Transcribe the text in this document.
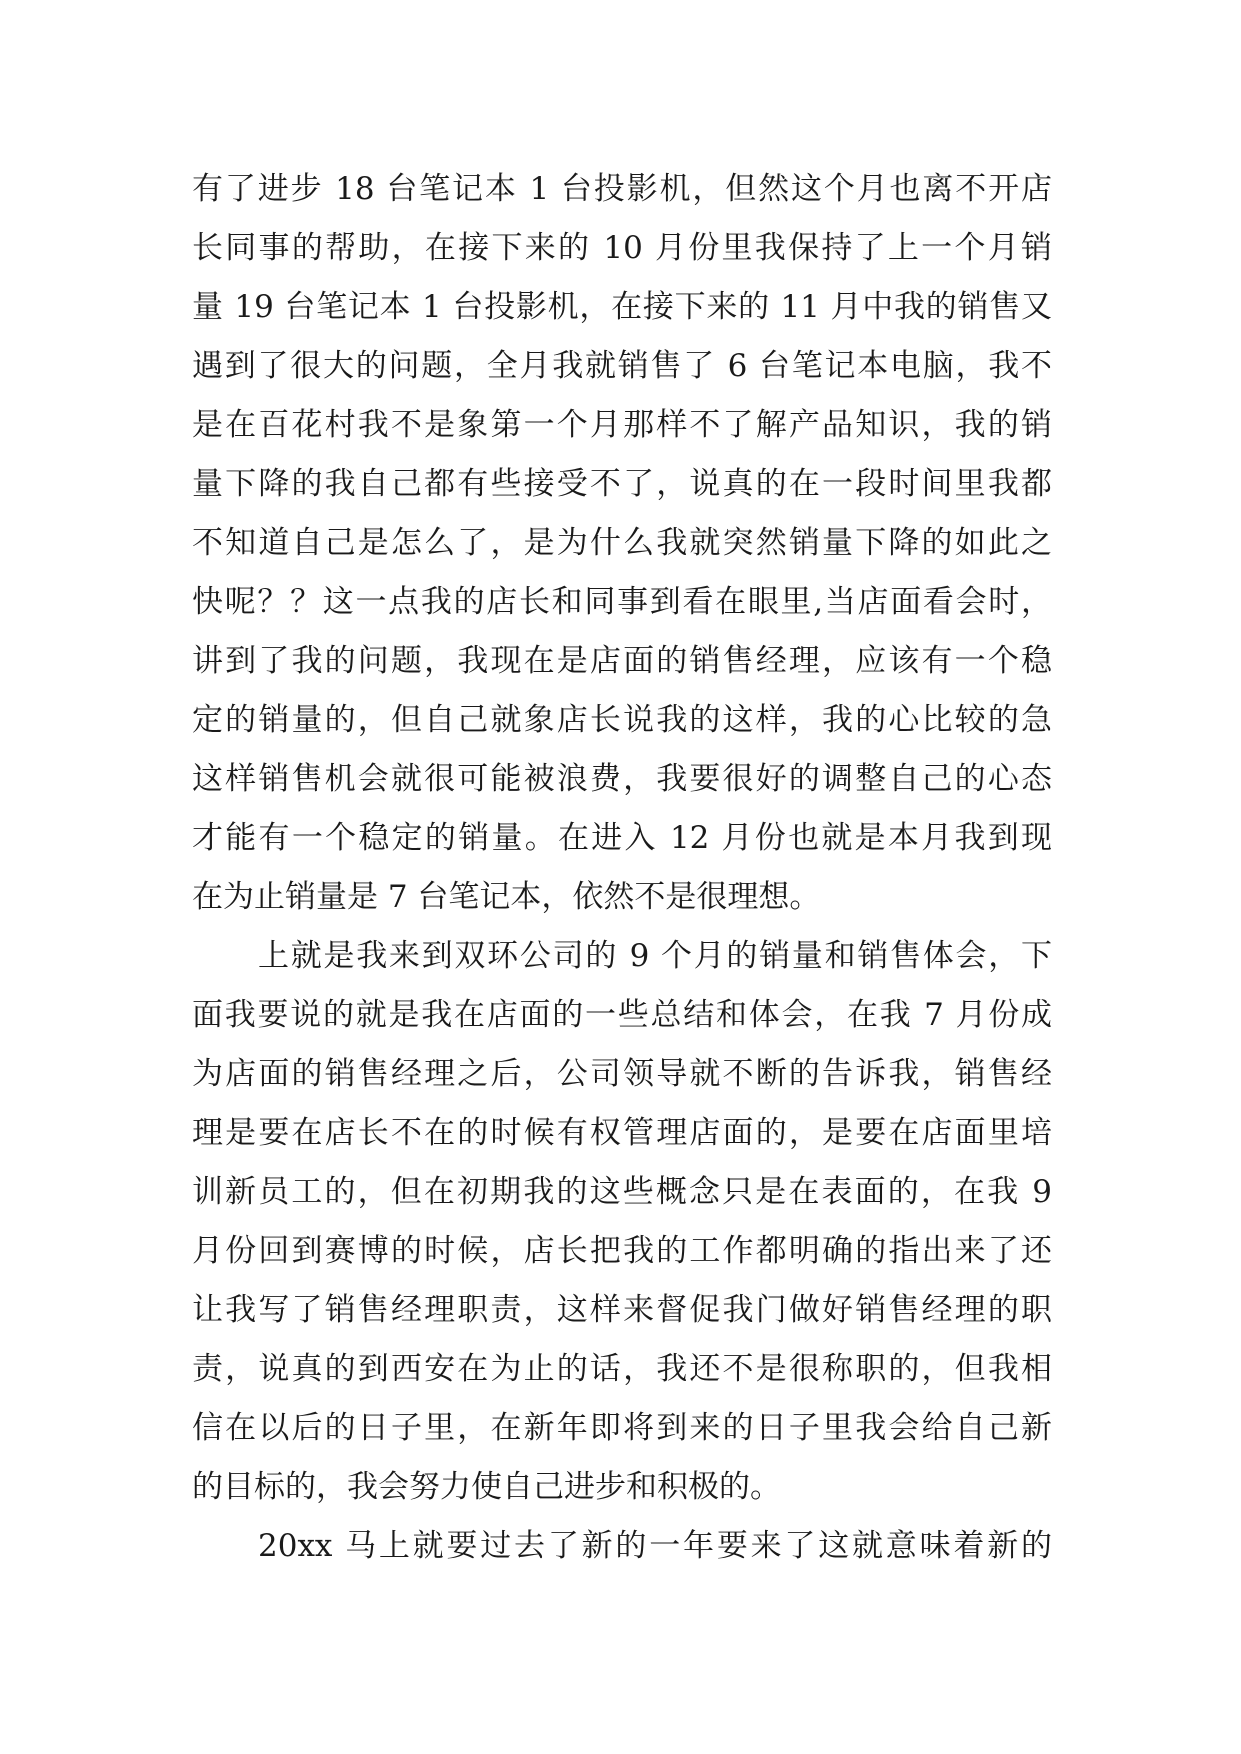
有了进步 18 台笔记本 1 台投影机，但然这个月也离不开店
长同事的帮助，在接下来的 10 月份里我保持了上一个月销
量 19 台笔记本 1 台投影机，在接下来的 11 月中我的销售又
遇到了很大的问题，全月我就销售了 6 台笔记本电脑，我不
是在百花村我不是象第一个月那样不了解产品知识，我的销
量下降的我自己都有些接受不了，说真的在一段时间里我都
不知道自己是怎么了，是为什么我就突然销量下降的如此之
快呢？？这一点我的店长和同事到看在眼里,当店面看会时，
讲到了我的问题，我现在是店面的销售经理，应该有一个稳
定的销量的，但自己就象店长说我的这样，我的心比较的急
这样销售机会就很可能被浪费，我要很好的调整自己的心态
才能有一个稳定的销量。在进入 12 月份也就是本月我到现
在为止销量是 7 台笔记本，依然不是很理想。
上就是我来到双环公司的 9 个月的销量和销售体会，下
面我要说的就是我在店面的一些总结和体会，在我 7 月份成
为店面的销售经理之后，公司领导就不断的告诉我，销售经
理是要在店长不在的时候有权管理店面的，是要在店面里培
训新员工的，但在初期我的这些概念只是在表面的，在我 9
月份回到赛博的时候，店长把我的工作都明确的指出来了还
让我写了销售经理职责，这样来督促我门做好销售经理的职
责，说真的到西安在为止的话，我还不是很称职的，但我相
信在以后的日子里，在新年即将到来的日子里我会给自己新
的目标的，我会努力使自己进步和积极的。
20xx 马上就要过去了新的一年要来了这就意味着新的
